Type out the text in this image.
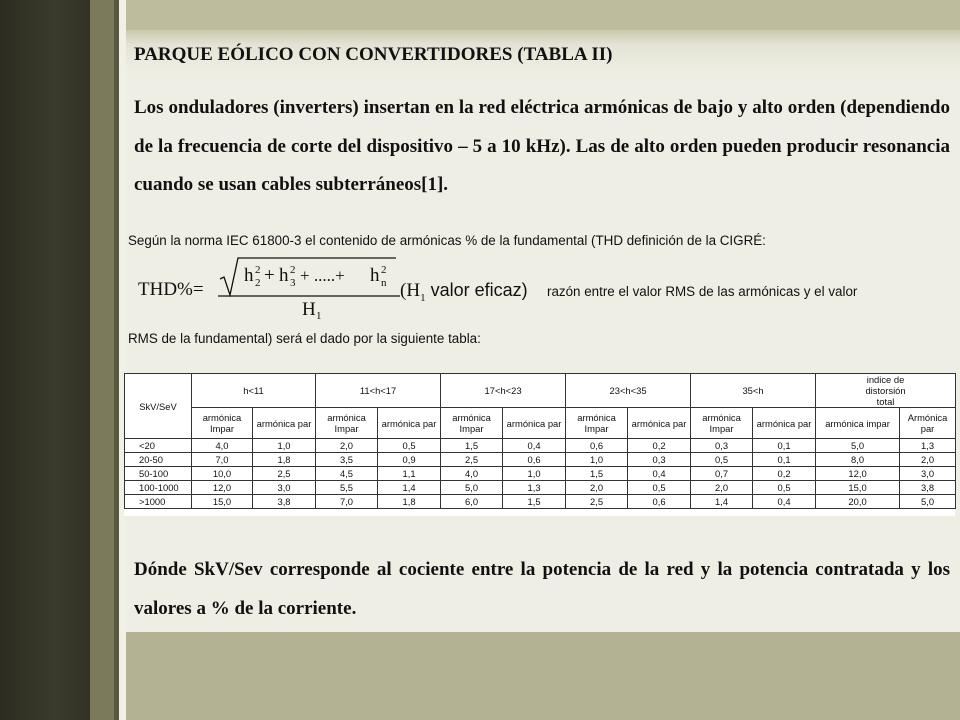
PARQUE EÓLICO CON CONVERTIDORES (TABLA II)
Los onduladores (inverters) insertan en la red eléctrica armónicas de bajo y alto orden (dependiendo de la frecuencia de corte del dispositivo – 5 a 10 kHz). Las de alto orden pueden producir resonancia cuando se usan cables subterráneos[1].
Según la norma IEC 61800-3 el contenido de armónicas % de la fundamental (THD definición de la CIGRÉ:
THD%=
h 2
2 + h 2
3 + .....+ h 2
n
H 1
($H_1$ valor eficaz) razón entre el valor RMS de las armónicas y el valor
RMS de la fundamental) será el dado por la siguiente tabla:
SkV/SeV	h<11		11<h<17		17<h<23		23<h<35		35<h		indice de distorsión total	
	armónica Impar	armónica par	armónica Impar	armónica par	armónica Impar	armónica par	armónica Impar	armónica par	armónica Impar	armónica par	armónica impar	Armónica par
<20	4,0	1,0	2,0	0,5	1,5	0,4	0,6	0,2	0,3	0,1	5,0	1,3
20-50	7,0	1,8	3,5	0,9	2,5	0,6	1,0	0,3	0,5	0,1	8,0	2,0
50-100	10,0	2,5	4,5	1,1	4,0	1,0	1,5	0,4	0,7	0,2	12,0	3,0
100-1000	12,0	3,0	5,5	1,4	5,0	1,3	2,0	0,5	2,0	0,5	15,0	3,8
>1000	15,0	3,8	7,0	1,8	6,0	1,5	2,5	0,6	1,4	0,4	20,0	5,0
Dónde SkV/Sev corresponde al cociente entre la potencia de la red y la potencia contratada y los valores a % de la corriente.
